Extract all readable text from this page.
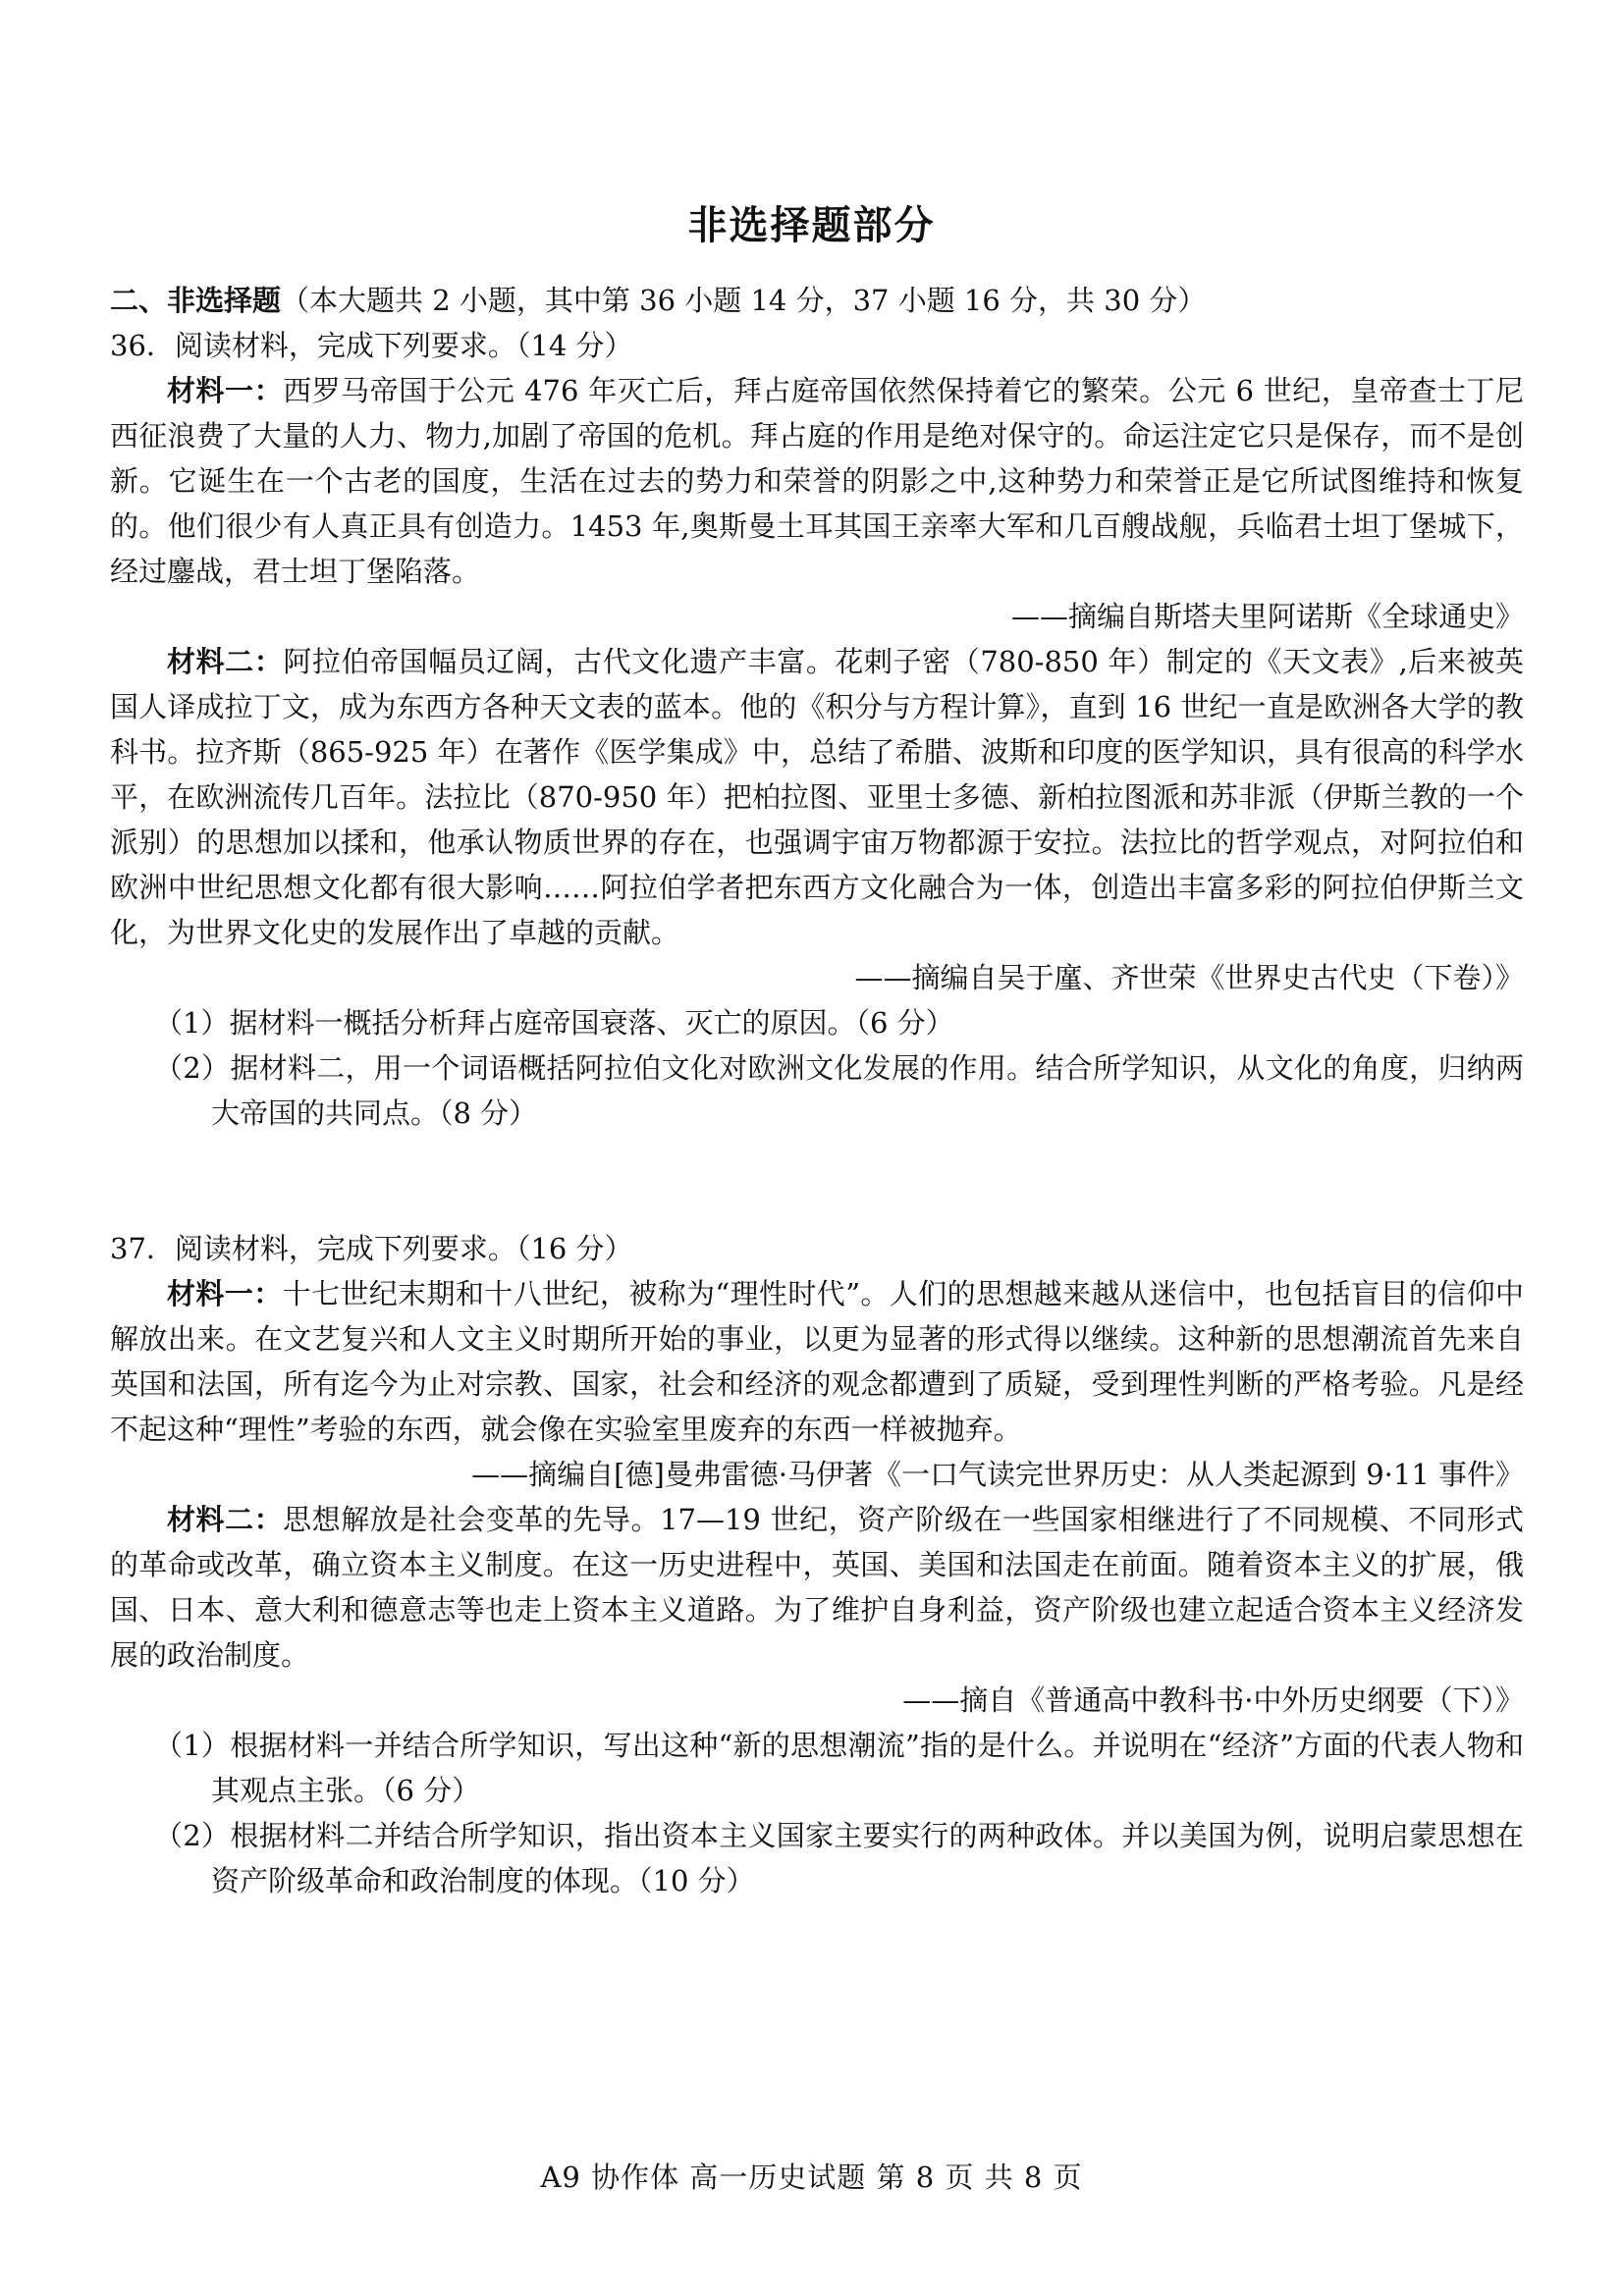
非选择题部分

二、非选择题（本大题共 2 小题，其中第 36 小题 14 分，37 小题 16 分，共 30 分）

36．阅读材料，完成下列要求。（14 分）

材料一：西罗马帝国于公元 476 年灭亡后，拜占庭帝国依然保持着它的繁荣。公元 6 世纪，皇帝查士丁尼西征浪费了大量的人力、物力,加剧了帝国的危机。拜占庭的作用是绝对保守的。命运注定它只是保存，而不是创新。它诞生在一个古老的国度，生活在过去的势力和荣誉的阴影之中,这种势力和荣誉正是它所试图维持和恢复的。他们很少有人真正具有创造力。1453 年,奥斯曼土耳其国王亲率大军和几百艘战舰，兵临君士坦丁堡城下，经过鏖战，君士坦丁堡陷落。

——摘编自斯塔夫里阿诺斯《全球通史》

材料二：阿拉伯帝国幅员辽阔，古代文化遗产丰富。花剌子密（780-850 年）制定的《天文表》,后来被英国人译成拉丁文，成为东西方各种天文表的蓝本。他的《积分与方程计算》，直到 16 世纪一直是欧洲各大学的教科书。拉齐斯（865-925 年）在著作《医学集成》中，总结了希腊、波斯和印度的医学知识，具有很高的科学水平，在欧洲流传几百年。法拉比（870-950 年）把柏拉图、亚里士多德、新柏拉图派和苏非派（伊斯兰教的一个派别）的思想加以揉和，他承认物质世界的存在，也强调宇宙万物都源于安拉。法拉比的哲学观点，对阿拉伯和欧洲中世纪思想文化都有很大影响……阿拉伯学者把东西方文化融合为一体，创造出丰富多彩的阿拉伯伊斯兰文化，为世界文化史的发展作出了卓越的贡献。

——摘编自吴于廑、齐世荣《世界史古代史（下卷）》

（1）据材料一概括分析拜占庭帝国衰落、灭亡的原因。（6 分）

（2）据材料二，用一个词语概括阿拉伯文化对欧洲文化发展的作用。结合所学知识，从文化的角度，归纳两大帝国的共同点。（8 分）

37．阅读材料，完成下列要求。（16 分）

材料一：十七世纪末期和十八世纪，被称为“理性时代”。人们的思想越来越从迷信中，也包括盲目的信仰中解放出来。在文艺复兴和人文主义时期所开始的事业，以更为显著的形式得以继续。这种新的思想潮流首先来自英国和法国，所有迄今为止对宗教、国家，社会和经济的观念都遭到了质疑，受到理性判断的严格考验。凡是经不起这种“理性”考验的东西，就会像在实验室里废弃的东西一样被抛弃。

——摘编自[德]曼弗雷德·马伊著《一口气读完世界历史：从人类起源到 9·11 事件》

材料二：思想解放是社会变革的先导。17—19 世纪，资产阶级在一些国家相继进行了不同规模、不同形式的革命或改革，确立资本主义制度。在这一历史进程中，英国、美国和法国走在前面。随着资本主义的扩展，俄国、日本、意大利和德意志等也走上资本主义道路。为了维护自身利益，资产阶级也建立起适合资本主义经济发展的政治制度。

——摘自《普通高中教科书·中外历史纲要（下）》

（1）根据材料一并结合所学知识，写出这种“新的思想潮流”指的是什么。并说明在“经济”方面的代表人物和其观点主张。（6 分）

（2）根据材料二并结合所学知识，指出资本主义国家主要实行的两种政体。并以美国为例，说明启蒙思想在资产阶级革命和政治制度的体现。（10 分）

A9 协作体 高一历史试题 第 8 页 共 8 页
